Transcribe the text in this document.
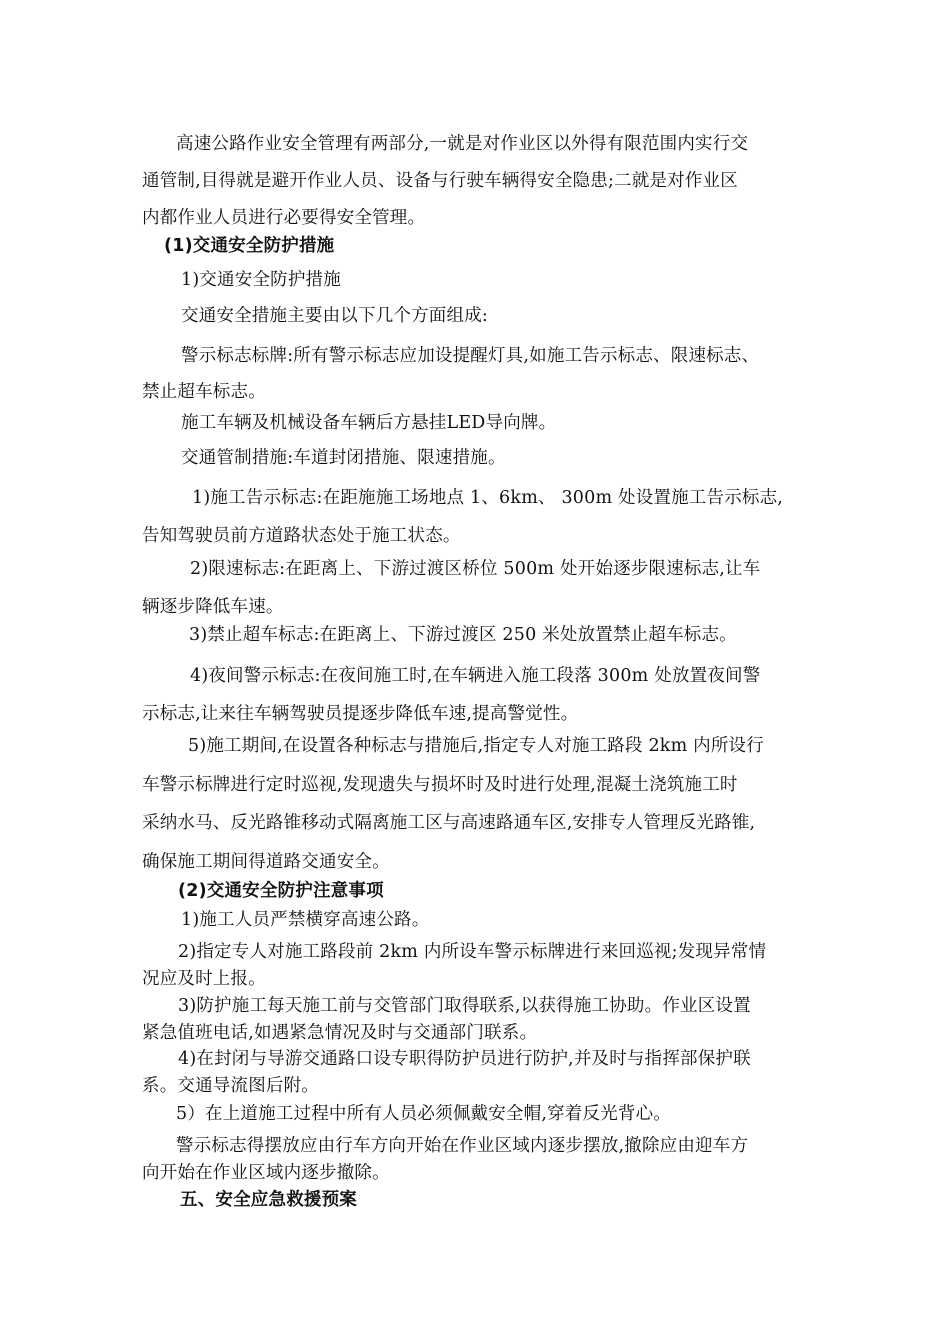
高速公路作业安全管理有两部分,一就是对作业区以外得有限范围内实行交
通管制,目得就是避开作业人员、设备与行驶车辆得安全隐患;二就是对作业区
内都作业人员进行必要得安全管理。
(1)交通安全防护措施
1)交通安全防护措施
交通安全措施主要由以下几个方面组成:
警示标志标牌:所有警示标志应加设提醒灯具,如施工告示标志、限速标志、
禁止超车标志。
施工车辆及机械设备车辆后方悬挂LED导向牌。
交通管制措施:车道封闭措施、限速措施。
1)施工告示标志:在距施施工场地点 1、6km、 300m 处设置施工告示标志,
告知驾驶员前方道路状态处于施工状态。
2)限速标志:在距离上、下游过渡区桥位 500m 处开始逐步限速标志,让车
辆逐步降低车速。
3)禁止超车标志:在距离上、下游过渡区 250 米处放置禁止超车标志。
4)夜间警示标志:在夜间施工时,在车辆进入施工段落 300m 处放置夜间警
示标志,让来往车辆驾驶员提逐步降低车速,提高警觉性。
5)施工期间,在设置各种标志与措施后,指定专人对施工路段 2km 内所设行
车警示标牌进行定时巡视,发现遗失与损坏时及时进行处理,混凝土浇筑施工时
采纳水马、反光路锥移动式隔离施工区与高速路通车区,安排专人管理反光路锥,
确保施工期间得道路交通安全。
(2)交通安全防护注意事项
1)施工人员严禁横穿高速公路。
2)指定专人对施工路段前 2km 内所设车警示标牌进行来回巡视;发现异常情
况应及时上报。
3)防护施工每天施工前与交管部门取得联系,以获得施工协助。作业区设置
紧急值班电话,如遇紧急情况及时与交通部门联系。
4)在封闭与导游交通路口设专职得防护员进行防护,并及时与指挥部保护联
系。交通导流图后附。
5）在上道施工过程中所有人员必须佩戴安全帽,穿着反光背心。
警示标志得摆放应由行车方向开始在作业区域内逐步摆放,撤除应由迎车方
向开始在作业区域内逐步撤除。
五、安全应急救援预案
